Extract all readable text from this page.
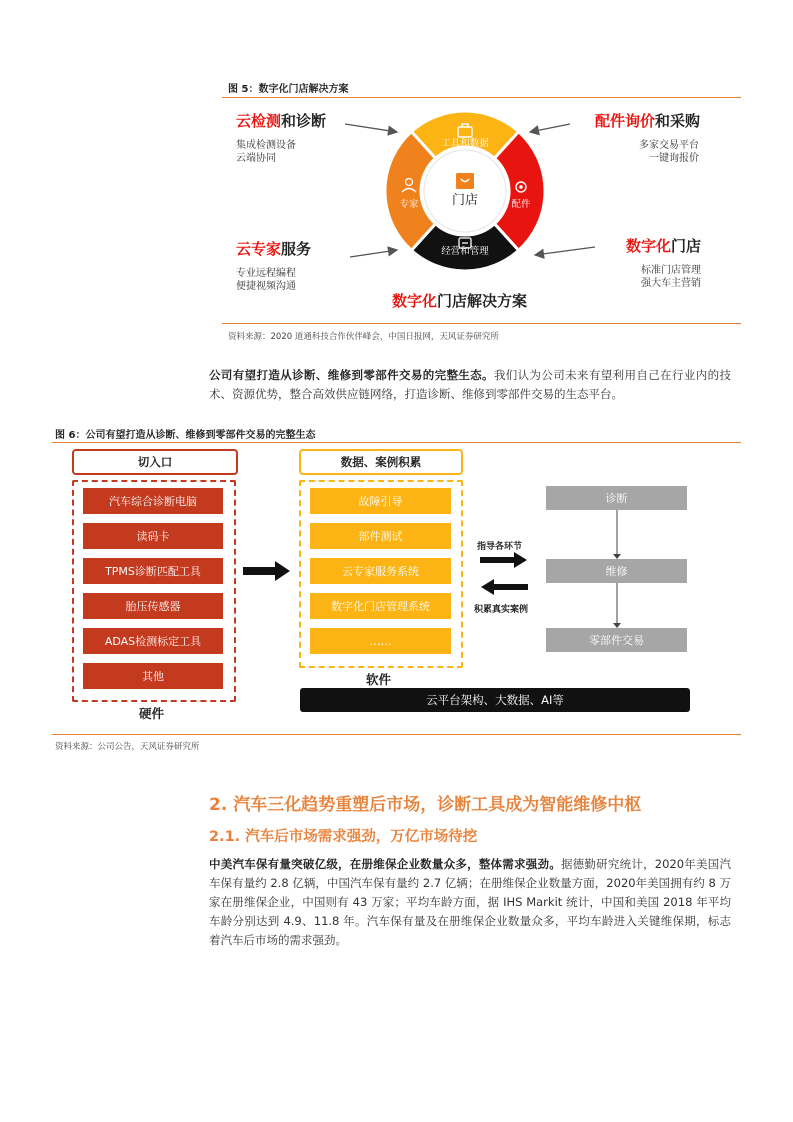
图 5：数字化门店解决方案
云检测和诊断
集成检测设备
云端协同
配件询价和采购
多家交易平台
一键询报价
云专家服务
专业远程编程
便捷视频沟通
数字化门店
标准门店管理
强大车主营销
工具和数据
配件
经营和管理
专家	门店
数字化门店解决方案
资料来源：2020 道通科技合作伙伴峰会，中国日报网，天风证券研究所
公司有望打造从诊断、维修到零部件交易的完整生态。我们认为公司未来有望利用自己在行业内的技术、资源优势，整合高效供应链网络，打造诊断、维修到零部件交易的生态平台。
图 6：公司有望打造从诊断、维修到零部件交易的完整生态
切入口
汽车综合诊断电脑
读码卡
TPMS诊断匹配工具
胎压传感器
ADAS检测标定工具
其他
硬件
数据、案例积累
故障引导
部件测试
云专家服务系统
数字化门店管理系统
……
软件
指导各环节
积累真实案例
诊断
维修
零部件交易
云平台架构、大数据、AI等
资料来源：公司公告，天风证券研究所
2. 汽车三化趋势重塑后市场，诊断工具成为智能维修中枢
2.1. 汽车后市场需求强劲，万亿市场待挖
中美汽车保有量突破亿级，在册维保企业数量众多，整体需求强劲。据德勤研究统计，2020年美国汽车保有量约 2.8 亿辆，中国汽车保有量约 2.7 亿辆；在册维保企业数量方面，2020年美国拥有约 8 万家在册维保企业，中国则有 43 万家；平均车龄方面，据 IHS Markit 统计，中国和美国 2018 年平均车龄分别达到 4.9、11.8 年。汽车保有量及在册维保企业数量众多，平均车龄进入关键维保期，标志着汽车后市场的需求强劲。
